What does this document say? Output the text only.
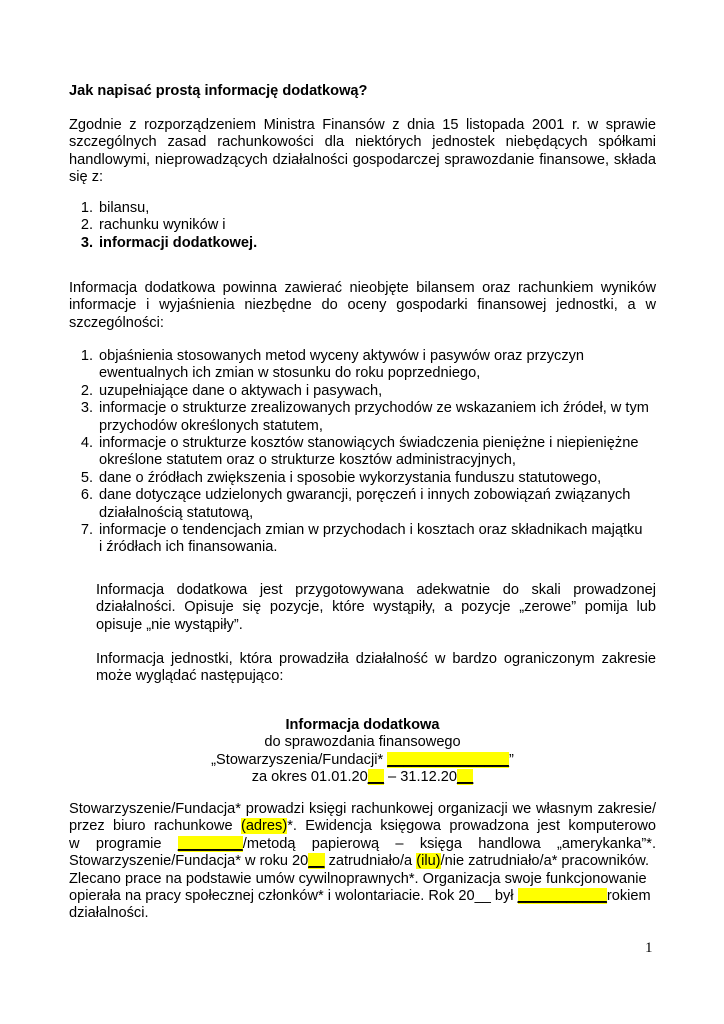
Jak napisać prostą informację dodatkową?

Zgodnie z rozporządzeniem Ministra Finansów z dnia 15 listopada 2001 r. w sprawie szczególnych zasad rachunkowości dla niektórych jednostek niebędących spółkami handlowymi, nieprowadzących działalności gospodarczej sprawozdanie finansowe, składa się z:

1. bilansu,
2. rachunku wyników i
3. informacji dodatkowej.

Informacja dodatkowa powinna zawierać nieobjęte bilansem oraz rachunkiem wyników informacje i wyjaśnienia niezbędne do oceny gospodarki finansowej jednostki, a w szczególności:

1. objaśnienia stosowanych metod wyceny aktywów i pasywów oraz przyczyn
ewentualnych ich zmian w stosunku do roku poprzedniego,
2. uzupełniające dane o aktywach i pasywach,
3. informacje o strukturze zrealizowanych przychodów ze wskazaniem ich źródeł, w tym
przychodów określonych statutem,
4. informacje o strukturze kosztów stanowiących świadczenia pieniężne i niepieniężne
określone statutem oraz o strukturze kosztów administracyjnych,
5. dane o źródłach zwiększenia i sposobie wykorzystania funduszu statutowego,
6. dane dotyczące udzielonych gwarancji, poręczeń i innych zobowiązań związanych
działalnością statutową,
7. informacje o tendencjach zmian w przychodach i kosztach oraz składnikach majątku
i źródłach ich finansowania.

Informacja dodatkowa jest przygotowywana adekwatnie do skali prowadzonej działalności. Opisuje się pozycje, które wystąpiły, a pozycje „zerowe” pomija lub opisuje „nie wystąpiły”.

Informacja jednostki, która prowadziła działalność w bardzo ograniczonym zakresie może wyglądać następująco:

Informacja dodatkowa
do sprawozdania finansowego
„Stowarzyszenia/Fundacji* _______________”
za okres 01.01.20__ – 31.12.20__
Stowarzyszenie/Fundacja* prowadzi księgi rachunkowej organizacji we własnym zakresie/
przez biuro rachunkowe (adres)*. Ewidencja księgowa prowadzona jest komputerowo
w programie ________/metodą papierową – księga handlowa „amerykanka”*.
Stowarzyszenie/Fundacja* w roku 20__ zatrudniało/a (ilu)/nie zatrudniało/a* pracowników.
Zlecano prace na podstawie umów cywilnoprawnych*. Organizacja swoje funkcjonowanie
opierała na pracy społecznej członków* i wolontariacie. Rok 20__ był ___________rokiem
działalności.
1
